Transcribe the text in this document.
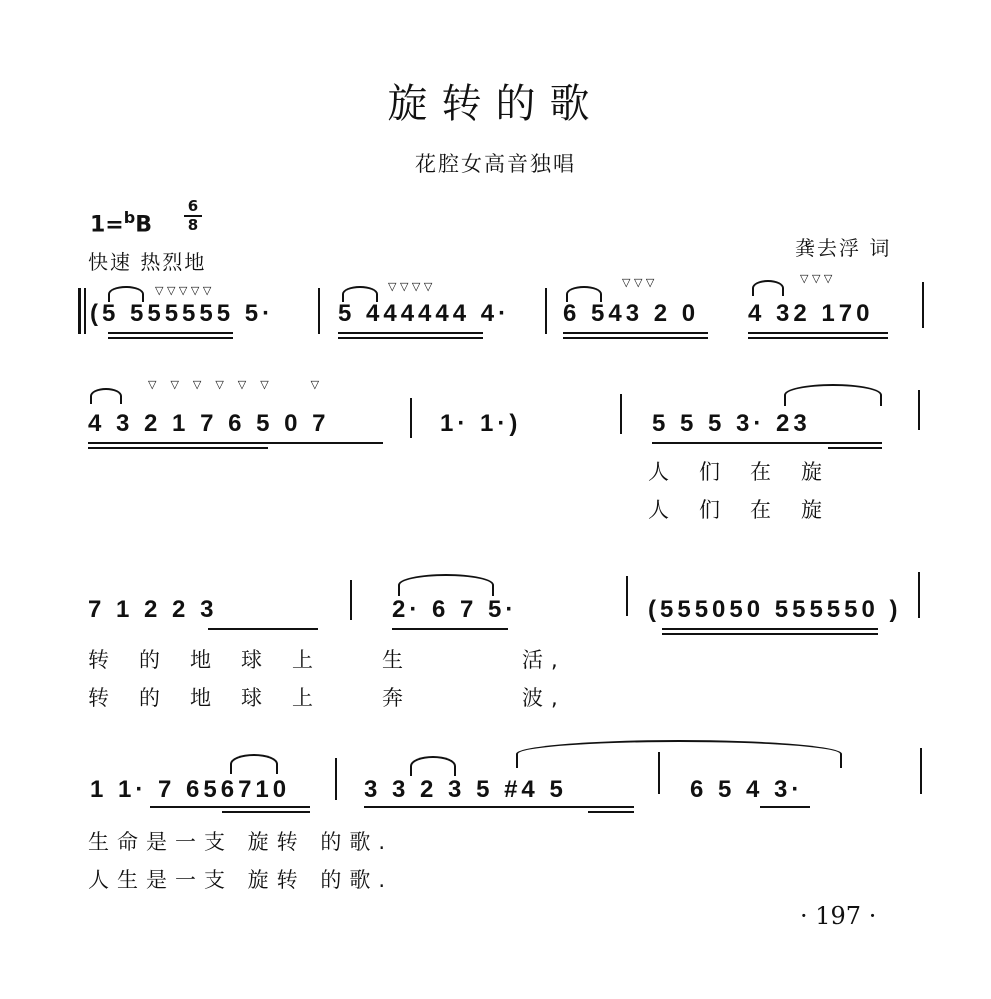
旋转的歌
花腔女高音独唱
1=$^b$B
6
8
快速 热烈地
龚去浮 词
(5 555555 5·	5 444444 4· 6 543 2 0 4 32 170
▽ ▽ ▽ ▽ ▽	▽ ▽ ▽ ▽	▽ ▽ ▽	▽ ▽ ▽
4 3 2 1 7 6 5 0 7
▽    ▽    ▽    ▽    ▽    ▽            ▽
1· 1·)	5 5 5 3· 23
人们在旋
人们在旋
7 1 2 2 3	2· 6 7 5·	(555050 555550 )
转的地球上 生	活,
转的地球上 奔	波,
1 1· 7 656710	3 3 2 3 5 #4 5	6 5 4 3·
生命是一支 旋转 的歌.
人生是一支 旋转 的歌.
· 197 ·
